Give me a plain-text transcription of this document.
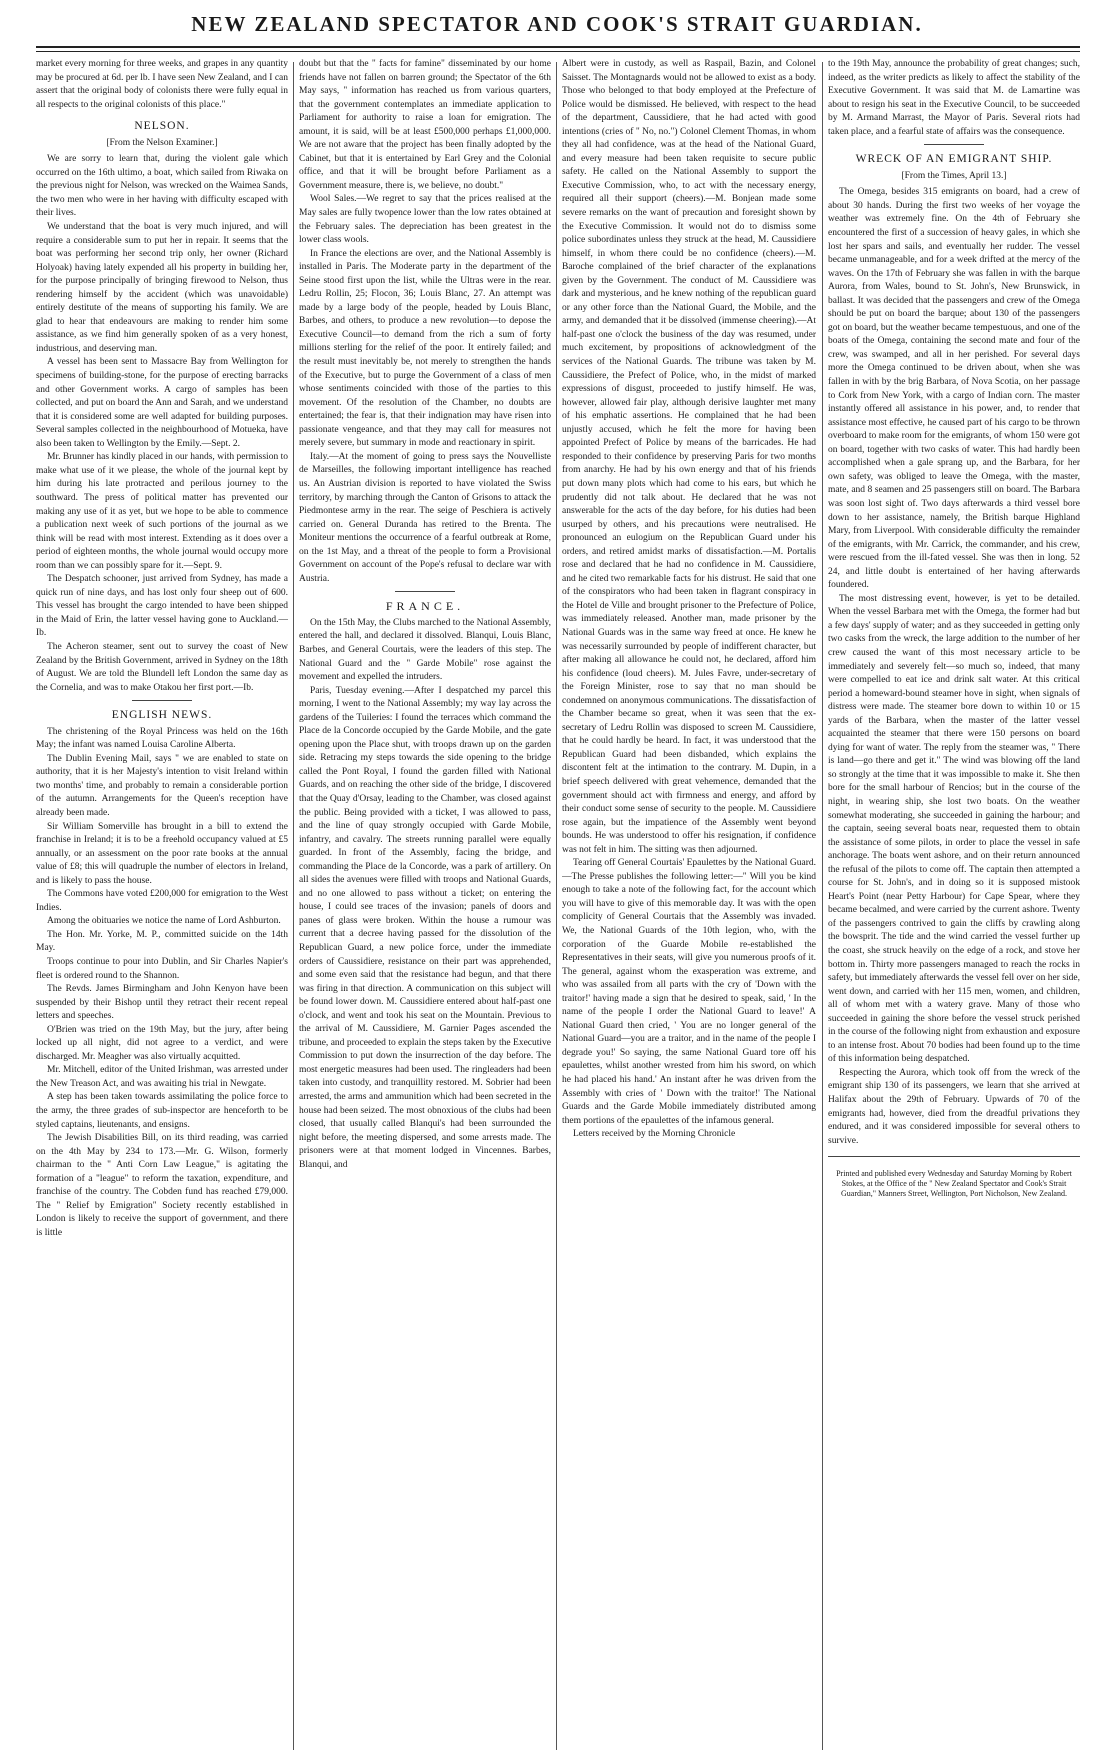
NEW ZEALAND SPECTATOR AND COOK'S STRAIT GUARDIAN.

market every morning for three weeks, and grapes in any quantity may be procured at 6d. per lb. I have seen New Zealand, and I can assert that the original body of colonists there were fully equal in all respects to the original colonists of this place."

NELSON.
[From the Nelson Examiner.]

We are sorry to learn that, during the violent gale which occurred on the 16th ultimo, a boat, which sailed from Riwaka on the previous night for Nelson, was wrecked on the Waimea Sands, the two men who were in her having with difficulty escaped with their lives.

We understand that the boat is very much injured, and will require a considerable sum to put her in repair. It seems that the boat was performing her second trip only, her owner (Richard Holyoak) having lately expended all his property in building her, for the purpose principally of bringing firewood to Nelson, thus rendering himself by the accident (which was unavoidable) entirely destitute of the means of supporting his family. We are glad to hear that endeavours are making to render him some assistance, as we find him generally spoken of as a very honest, industrious, and deserving man.

A vessel has been sent to Massacre Bay from Wellington for specimens of building-stone, for the purpose of erecting barracks and other Government works. A cargo of samples has been collected, and put on board the Ann and Sarah, and we understand that it is considered some are well adapted for building purposes. Several samples collected in the neighbourhood of Motueka, have also been taken to Wellington by the Emily.—Sept. 2.

Mr. Brunner has kindly placed in our hands, with permission to make what use of it we please, the whole of the journal kept by him during his late protracted and perilous journey to the southward. The press of political matter has prevented our making any use of it as yet, but we hope to be able to commence a publication next week of such portions of the journal as we think will be read with most interest. Extending as it does over a period of eighteen months, the whole journal would occupy more room than we can possibly spare for it.—Sept. 9.

The Despatch schooner, just arrived from Sydney, has made a quick run of nine days, and has lost only four sheep out of 600. This vessel has brought the cargo intended to have been shipped in the Maid of Erin, the latter vessel having gone to Auckland.—Ib.

The Acheron steamer, sent out to survey the coast of New Zealand by the British Government, arrived in Sydney on the 18th of August. We are told the Blundell left London the same day as the Cornelia, and was to make Otakou her first port.—Ib.

ENGLISH NEWS.

The christening of the Royal Princess was held on the 16th May; the infant was named Louisa Caroline Alberta.

The Dublin Evening Mail, says " we are enabled to state on authority, that it is her Majesty's intention to visit Ireland within two months' time, and probably to remain a considerable portion of the autumn. Arrangements for the Queen's reception have already been made.

Sir William Somerville has brought in a bill to extend the franchise in Ireland; it is to be a freehold occupancy valued at £5 annually, or an assessment on the poor rate books at the annual value of £8; this will quadruple the number of electors in Ireland, and is likely to pass the house.

The Commons have voted £200,000 for emigration to the West Indies.

Among the obituaries we notice the name of Lord Ashburton.

The Hon. Mr. Yorke, M. P., committed suicide on the 14th May.

Troops continue to pour into Dublin, and Sir Charles Napier's fleet is ordered round to the Shannon.

The Revds. James Birmingham and John Kenyon have been suspended by their Bishop until they retract their recent repeal letters and speeches.

O'Brien was tried on the 19th May, but the jury, after being locked up all night, did not agree to a verdict, and were discharged. Mr. Meagher was also virtually acquitted.

Mr. Mitchell, editor of the United Irishman, was arrested under the New Treason Act, and was awaiting his trial in Newgate.

A step has been taken towards assimilating the police force to the army, the three grades of sub-inspector are henceforth to be styled captains, lieutenants, and ensigns.

The Jewish Disabilities Bill, on its third reading, was carried on the 4th May by 234 to 173.—Mr. G. Wilson, formerly chairman to the " Anti Corn Law League," is agitating the formation of a "league" to reform the taxation, expenditure, and franchise of the country. The Cobden fund has reached £79,000. The " Relief by Emigration" Society recently established in London is likely to receive the support of government, and there is little

doubt but that the " facts for famine" disseminated by our home friends have not fallen on barren ground; the Spectator of the 6th May says, " information has reached us from various quarters, that the government contemplates an immediate application to Parliament for authority to raise a loan for emigration. The amount, it is said, will be at least £500,000 perhaps £1,000,000. We are not aware that the project has been finally adopted by the Cabinet, but that it is entertained by Earl Grey and the Colonial office, and that it will be brought before Parliament as a Government measure, there is, we believe, no doubt."

Wool Sales.—We regret to say that the prices realised at the May sales are fully twopence lower than the low rates obtained at the February sales. The depreciation has been greatest in the lower class wools.

In France the elections are over, and the National Assembly is installed in Paris. The Moderate party in the department of the Seine stood first upon the list, while the Ultras were in the rear. Ledru Rollin, 25; Flocon, 36; Louis Blanc, 27. An attempt was made by a large body of the people, headed by Louis Blanc, Barbes, and others, to produce a new revolution—to depose the Executive Council—to demand from the rich a sum of forty millions sterling for the relief of the poor. It entirely failed; and the result must inevitably be, not merely to strengthen the hands of the Executive, but to purge the Government of a class of men whose sentiments coincided with those of the parties to this movement. Of the resolution of the Chamber, no doubts are entertained; the fear is, that their indignation may have risen into passionate vengeance, and that they may call for measures not merely severe, but summary in mode and reactionary in spirit.

Italy.—At the moment of going to press says the Nouvelliste de Marseilles, the following important intelligence has reached us. An Austrian division is reported to have violated the Swiss territory, by marching through the Canton of Grisons to attack the Piedmontese army in the rear. The seige of Peschiera is actively carried on. General Duranda has retired to the Brenta. The Moniteur mentions the occurrence of a fearful outbreak at Rome, on the 1st May, and a threat of the people to form a Provisional Government on account of the Pope's refusal to declare war with Austria.

FRANCE.

On the 15th May, the Clubs marched to the National Assembly, entered the hall, and declared it dissolved. Blanqui, Louis Blanc, Barbes, and General Courtais, were the leaders of this step. The National Guard and the " Garde Mobile" rose against the movement and expelled the intruders.

Paris, Tuesday evening.—After I despatched my parcel this morning, I went to the National Assembly; my way lay across the gardens of the Tuileries: I found the terraces which command the Place de la Concorde occupied by the Garde Mobile, and the gate opening upon the Place shut, with troops drawn up on the garden side. Retracing my steps towards the side opening to the bridge called the Pont Royal, I found the garden filled with National Guards, and on reaching the other side of the bridge, I discovered that the Quay d'Orsay, leading to the Chamber, was closed against the public. Being provided with a ticket, I was allowed to pass, and the line of quay strongly occupied with Garde Mobile, infantry, and cavalry. The streets running parallel were equally guarded. In front of the Assembly, facing the bridge, and commanding the Place de la Concorde, was a park of artillery. On all sides the avenues were filled with troops and National Guards, and no one allowed to pass without a ticket; on entering the house, I could see traces of the invasion; panels of doors and panes of glass were broken. Within the house a rumour was current that a decree having passed for the dissolution of the Republican Guard, a new police force, under the immediate orders of Caussidiere, resistance on their part was apprehended, and some even said that the resistance had begun, and that there was firing in that direction. A communication on this subject will be found lower down. M. Caussidiere entered about half-past one o'clock, and went and took his seat on the Mountain. Previous to the arrival of M. Caussidiere, M. Garnier Pages ascended the tribune, and proceeded to explain the steps taken by the Executive Commission to put down the insurrection of the day before. The most energetic measures had been used. The ringleaders had been taken into custody, and tranquillity restored. M. Sobrier had been arrested, the arms and ammunition which had been secreted in the house had been seized. The most obnoxious of the clubs had been closed, that usually called Blanqui's had been surrounded the night before, the meeting dispersed, and some arrests made. The prisoners were at that moment lodged in Vincennes. Barbes, Blanqui, and

Albert were in custody, as well as Raspail, Bazin, and Colonel Saisset. The Montagnards would not be allowed to exist as a body. Those who belonged to that body employed at the Prefecture of Police would be dismissed. He believed, with respect to the head of the department, Caussidiere, that he had acted with good intentions (cries of " No, no.") Colonel Clement Thomas, in whom they all had confidence, was at the head of the National Guard, and every measure had been taken requisite to secure public safety. He called on the National Assembly to support the Executive Commission, who, to act with the necessary energy, required all their support (cheers).—M. Bonjean made some severe remarks on the want of precaution and foresight shown by the Executive Commission. It would not do to dismiss some police subordinates unless they struck at the head, M. Caussidiere himself, in whom there could be no confidence (cheers).—M. Baroche complained of the brief character of the explanations given by the Government. The conduct of M. Caussidiere was dark and mysterious, and he knew nothing of the republican guard or any other force than the National Guard, the Mobile, and the army, and demanded that it be dissolved (immense cheering).—At half-past one o'clock the business of the day was resumed, under much excitement, by propositions of acknowledgment of the services of the National Guards. The tribune was taken by M. Caussidiere, the Prefect of Police, who, in the midst of marked expressions of disgust, proceeded to justify himself. He was, however, allowed fair play, although derisive laughter met many of his emphatic assertions. He complained that he had been unjustly accused, which he felt the more for having been appointed Prefect of Police by means of the barricades. He had responded to their confidence by preserving Paris for two months from anarchy. He had by his own energy and that of his friends put down many plots which had come to his ears, but which he prudently did not talk about. He declared that he was not answerable for the acts of the day before, for his duties had been usurped by others, and his precautions were neutralised. He pronounced an eulogium on the Republican Guard under his orders, and retired amidst marks of dissatisfaction.—M. Portalis rose and declared that he had no confidence in M. Caussidiere, and he cited two remarkable facts for his distrust. He said that one of the conspirators who had been taken in flagrant conspiracy in the Hotel de Ville and brought prisoner to the Prefecture of Police, was immediately released. Another man, made prisoner by the National Guards was in the same way freed at once. He knew he was necessarily surrounded by people of indifferent character, but after making all allowance he could not, he declared, afford him his confidence (loud cheers). M. Jules Favre, under-secretary of the Foreign Minister, rose to say that no man should be condemned on anonymous communications. The dissatisfaction of the Chamber became so great, when it was seen that the ex-secretary of Ledru Rollin was disposed to screen M. Caussidiere, that he could hardly be heard. In fact, it was understood that the Republican Guard had been disbanded, which explains the discontent felt at the intimation to the contrary. M. Dupin, in a brief speech delivered with great vehemence, demanded that the government should act with firmness and energy, and afford by their conduct some sense of security to the people. M. Caussidiere rose again, but the impatience of the Assembly went beyond bounds. He was understood to offer his resignation, if confidence was not felt in him. The sitting was then adjourned.

Tearing off General Courtais' Epaulettes by the National Guard.—The Presse publishes the following letter:—" Will you be kind enough to take a note of the following fact, for the account which you will have to give of this memorable day. It was with the open complicity of General Courtais that the Assembly was invaded. We, the National Guards of the 10th legion, who, with the corporation of the Guarde Mobile re-established the Representatives in their seats, will give you numerous proofs of it. The general, against whom the exasperation was extreme, and who was assailed from all parts with the cry of 'Down with the traitor!' having made a sign that he desired to speak, said, ' In the name of the people I order the National Guard to leave!' A National Guard then cried, ' You are no longer general of the National Guard—you are a traitor, and in the name of the people I degrade you!' So saying, the same National Guard tore off his epaulettes, whilst another wrested from him his sword, on which he had placed his hand.' An instant after he was driven from the Assembly with cries of ' Down with the traitor!' The National Guards and the Garde Mobile immediately distributed among them portions of the epaulettes of the infamous general.

Letters received by the Morning Chronicle

to the 19th May, announce the probability of great changes; such, indeed, as the writer predicts as likely to affect the stability of the Executive Government. It was said that M. de Lamartine was about to resign his seat in the Executive Council, to be succeeded by M. Armand Marrast, the Mayor of Paris. Several riots had taken place, and a fearful state of affairs was the consequence.

WRECK OF AN EMIGRANT SHIP.
[From the Times, April 13.]

The Omega, besides 315 emigrants on board, had a crew of about 30 hands. During the first two weeks of her voyage the weather was extremely fine. On the 4th of February she encountered the first of a succession of heavy gales, in which she lost her spars and sails, and eventually her rudder. The vessel became unmanageable, and for a week drifted at the mercy of the waves. On the 17th of February she was fallen in with the barque Aurora, from Wales, bound to St. John's, New Brunswick, in ballast. It was decided that the passengers and crew of the Omega should be put on board the barque; about 130 of the passengers got on board, but the weather became tempestuous, and one of the boats of the Omega, containing the second mate and four of the crew, was swamped, and all in her perished. For several days more the Omega continued to be driven about, when she was fallen in with by the brig Barbara, of Nova Scotia, on her passage to Cork from New York, with a cargo of Indian corn. The master instantly offered all assistance in his power, and, to render that assistance most effective, he caused part of his cargo to be thrown overboard to make room for the emigrants, of whom 150 were got on board, together with two casks of water. This had hardly been accomplished when a gale sprang up, and the Barbara, for her own safety, was obliged to leave the Omega, with the master, mate, and 8 seamen and 25 passengers still on board. The Barbara was soon lost sight of. Two days afterwards a third vessel bore down to her assistance, namely, the British barque Highland Mary, from Liverpool. With considerable difficulty the remainder of the emigrants, with Mr. Carrick, the commander, and his crew, were rescued from the ill-fated vessel. She was then in long. 52 24, and little doubt is entertained of her having afterwards foundered.

The most distressing event, however, is yet to be detailed. When the vessel Barbara met with the Omega, the former had but a few days' supply of water; and as they succeeded in getting only two casks from the wreck, the large addition to the number of her crew caused the want of this most necessary article to be immediately and severely felt—so much so, indeed, that many were compelled to eat ice and drink salt water. At this critical period a homeward-bound steamer hove in sight, when signals of distress were made. The steamer bore down to within 10 or 15 yards of the Barbara, when the master of the latter vessel acquainted the steamer that there were 150 persons on board dying for want of water. The reply from the steamer was, " There is land—go there and get it." The wind was blowing off the land so strongly at the time that it was impossible to make it. She then bore for the small harbour of Rencios; but in the course of the night, in wearing ship, she lost two boats. On the weather somewhat moderating, she succeeded in gaining the harbour; and the captain, seeing several boats near, requested them to obtain the assistance of some pilots, in order to place the vessel in safe anchorage. The boats went ashore, and on their return announced the refusal of the pilots to come off. The captain then attempted a course for St. John's, and in doing so it is supposed mistook Heart's Point (near Petty Harbour) for Cape Spear, where they became becalmed, and were carried by the current ashore. Twenty of the passengers contrived to gain the cliffs by crawling along the bowsprit. The tide and the wind carried the vessel further up the coast, she struck heavily on the edge of a rock, and stove her bottom in. Thirty more passengers managed to reach the rocks in safety, but immediately afterwards the vessel fell over on her side, went down, and carried with her 115 men, women, and children, all of whom met with a watery grave. Many of those who succeeded in gaining the shore before the vessel struck perished in the course of the following night from exhaustion and exposure to an intense frost. About 70 bodies had been found up to the time of this information being despatched.

Respecting the Aurora, which took off from the wreck of the emigrant ship 130 of its passengers, we learn that she arrived at Halifax about the 29th of February. Upwards of 70 of the emigrants had, however, died from the dreadful privations they endured, and it was considered impossible for several others to survive.

Printed and published every Wednesday and Saturday Morning by Robert Stokes, at the Office of the " New Zealand Spectator and Cook's Strait Guardian," Manners Street, Wellington, Port Nicholson, New Zealand.
